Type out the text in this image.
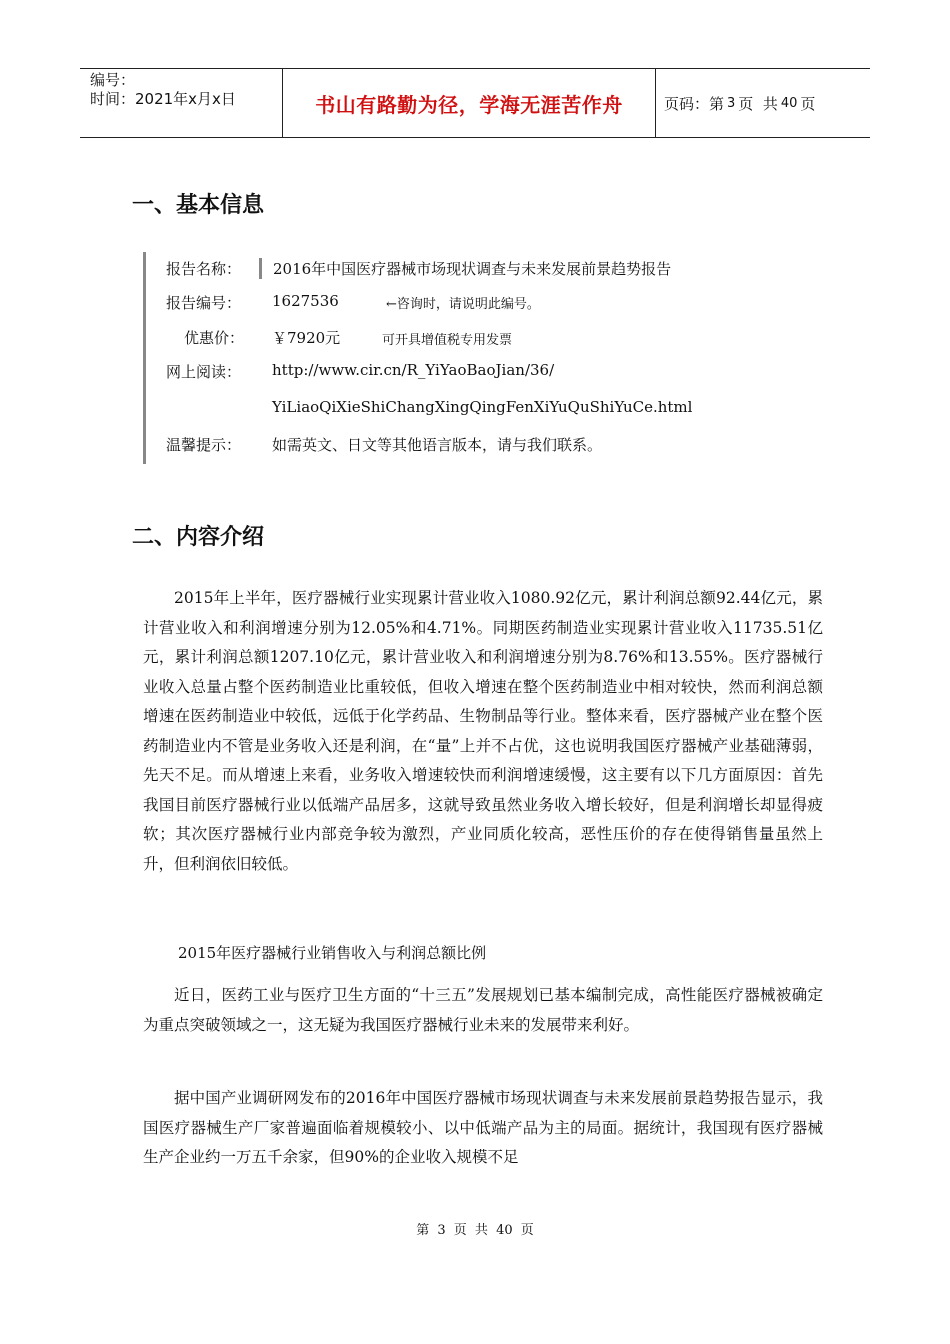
编号：
时间：2021年x月x日	书山有路勤为径，学海无涯苦作舟	页码：第 3 页  共 40 页
一、基本信息
报告名称：	2016年中国医疗器械市场现状调查与未来发展前景趋势报告
报告编号： 1627536	←咨询时，请说明此编号。
优惠价： ￥7920元	可开具增值税专用发票
网上阅读： http://www.cir.cn/R_YiYaoBaoJian/36/
YiLiaoQiXieShiChangXingQingFenXiYuQuShiYuCe.html
温馨提示： 如需英文、日文等其他语言版本，请与我们联系。
二、内容介绍

2015年上半年，医疗器械行业实现累计营业收入1080.92亿元，累计利润总额92.44亿元，累计营业收入和利润增速分别为12.05%和4.71%。同期医药制造业实现累计营业收入11735.51亿元，累计利润总额1207.10亿元，累计营业收入和利润增速分别为8.76%和13.55%。医疗器械行业收入总量占整个医药制造业比重较低，但收入增速在整个医药制造业中相对较快，然而利润总额增速在医药制造业中较低，远低于化学药品、生物制品等行业。整体来看，医疗器械产业在整个医药制造业内不管是业务收入还是利润，在“量”上并不占优，这也说明我国医疗器械产业基础薄弱，先天不足。而从增速上来看，业务收入增速较快而利润增速缓慢，这主要有以下几方面原因：首先我国目前医疗器械行业以低端产品居多，这就导致虽然业务收入增长较好，但是利润增长却显得疲软；其次医疗器械行业内部竞争较为激烈，产业同质化较高，恶性压价的存在使得销售量虽然上升，但利润依旧较低。

2015年医疗器械行业销售收入与利润总额比例

近日，医药工业与医疗卫生方面的“十三五”发展规划已基本编制完成，高性能医疗器械被确定为重点突破领域之一，这无疑为我国医疗器械行业未来的发展带来利好。

据中国产业调研网发布的2016年中国医疗器械市场现状调查与未来发展前景趋势报告显示，我国医疗器械生产厂家普遍面临着规模较小、以中低端产品为主的局面。据统计，我国现有医疗器械生产企业约一万五千余家，但90%的企业收入规模不足

第 3 页 共 40 页
